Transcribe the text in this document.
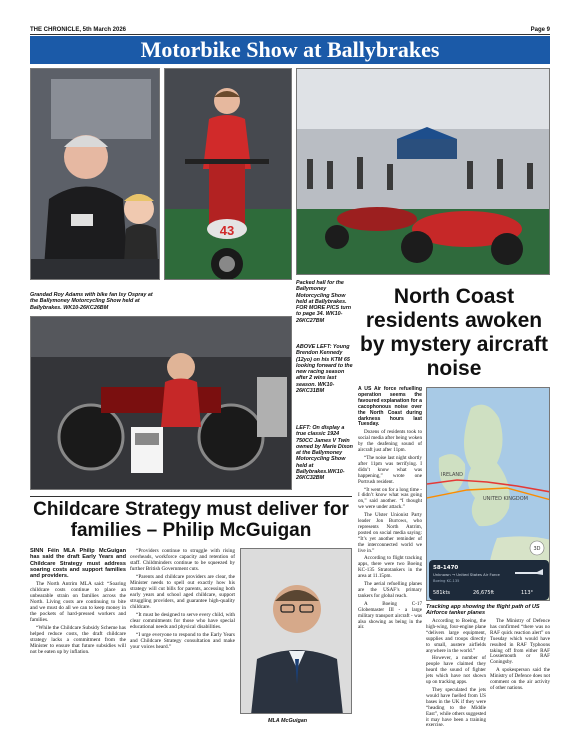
THE CHRONICLE, 5th March 2026	Page 9
Motorbike Show at Ballybrakes
Grandad Roy Adams with bike fan Isy Ospray at the Ballymoney Motorcycling Show held at Ballybrakes. WK10-26KC26BM
43
Packed hall for the Ballymoney Motorcycling Show held at Ballybrakes. FOR MORE PICS turn to page 34. WK10-26KC27BM
ABOVE LEFT: Young Brendon Kennedy (12yo) on his KTM 65 looking forward to the new racing season after 2 wins last season. WK10-26KC31BM
LEFT: On display a true classic 1924 750CC James V Twin owned by Marie Dixon at the Ballymoney Motorcycling Show held at Ballybrakes.WK10-26KC32BM
Childcare Strategy must deliver for families – Philip McGuigan
SINN Féin MLA Philip McGuigan has said the draft Early Years and Childcare Strategy must address soaring costs and support families and providers.

The North Antrim MLA said: “Soaring childcare costs continue to place an unbearable strain on families across the North. Living costs are continuing to bite and we must do all we can to keep money in the pockets of hard-pressed workers and families.

“While the Childcare Subsidy Scheme has helped reduce costs, the draft childcare strategy lacks a commitment from the Minister to ensure that future subsidies will not be eaten up by inflation.

“Providers continue to struggle with rising overheads, workforce capacity and retention of staff. Childminders continue to be squeezed by further British Government cuts.

“Parents and childcare providers are clear, the Minister needs to spell out exactly how his strategy will cut bills for parents, accessing both early years and school aged childcare, support struggling providers, and guarantee high-quality childcare.

“It must be designed to serve every child, with clear commitments for those who have special educational needs and physical disabilities.

“I urge everyone to respond to the Early Years and Childcare Strategy consultation and make your voices heard.”

MLA McGuigan
North Coast residents awoken by mystery aircraft noise
A US Air force refuelling operation seems the favoured explanation for a cacophonous noise over the North Coast during darkness hours last Tuesday.

Dozens of residents took to social media after being woken by the deafening sound of aircraft just after 11pm.

“The noise last night shortly after 11pm was terrifying. I didn’t know what was happening,” wrote one Portrush resident.

“It went on for a long time - I didn’t know what was going on,” said another. “I thought we were under attack.”

The Ulster Unionist Party leader Jon Burrows, who represents North Antrim, posted on social media saying: “It’s yet another reminder of the interconnected world we live in.”

According to flight tracking apps, there were two Boeing KC-135 Stratotankers in the area at 11.15pm.

The aerial refuelling planes are the USAF’s primary tankers for global reach.

A Boeing C-17 Globemaster III - a large military transport aircraft - was also showing as being in the air.

UNITED KINGDOM
IRELAND
3D
58-1470
Unknown → United States Air Force
Boeing KC-135
581kts	26,675ft	113°
Tracking app showing the flight path of US Airforce tanker planes

According to Boeing, the high-wing, four-engine plane “delivers large equipment, supplies and troops directly to small, austere airfields anywhere in the world.”

However, a number of people have claimed they heard the sound of fighter jets which have not shown up on tracking apps.

They speculated the jets would have fuelled from US bases in the UK if they were “heading to the Middle East”, while others suggested it may have been a training exercise.

The Ministry of Defence has confirmed “there was no RAF quick reaction alert” on Tuesday which would have resulted in RAF Typhoons taking off from either RAF Lossiemouth or RAF Coningsby.

A spokesperson said the Ministry of Defence does not comment on the air activity of other nations.
